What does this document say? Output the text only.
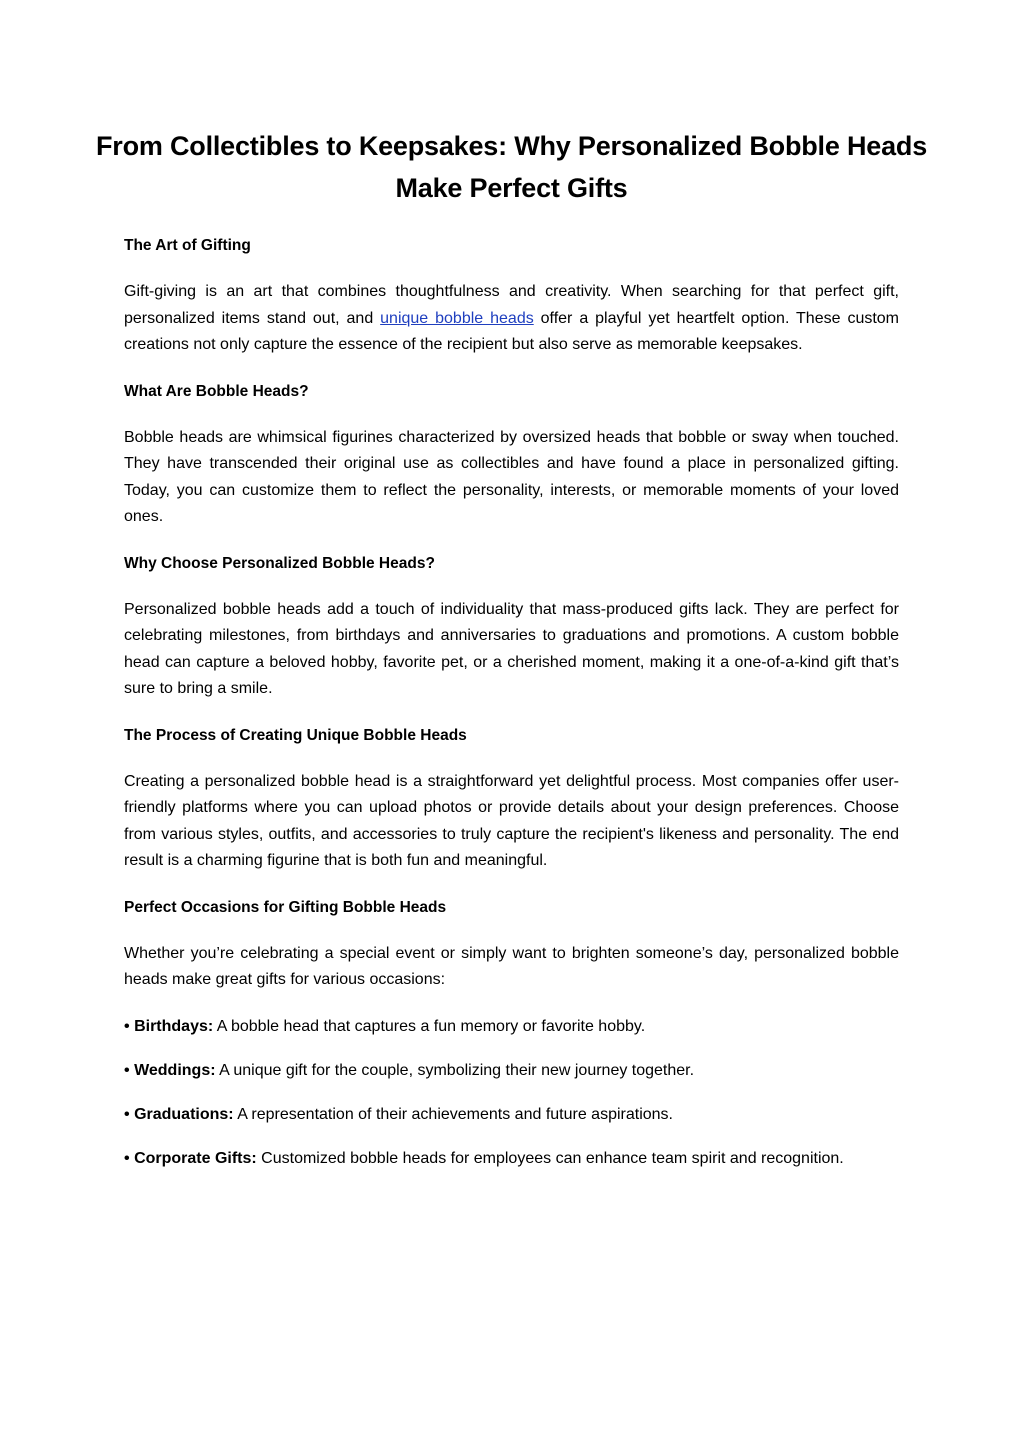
From Collectibles to Keepsakes: Why Personalized Bobble Heads Make Perfect Gifts
The Art of Gifting

Gift-giving is an art that combines thoughtfulness and creativity. When searching for that perfect gift, personalized items stand out, and unique bobble heads offer a playful yet heartfelt option. These custom creations not only capture the essence of the recipient but also serve as memorable keepsakes.

What Are Bobble Heads?

Bobble heads are whimsical figurines characterized by oversized heads that bobble or sway when touched. They have transcended their original use as collectibles and have found a place in personalized gifting. Today, you can customize them to reflect the personality, interests, or memorable moments of your loved ones.

Why Choose Personalized Bobble Heads?

Personalized bobble heads add a touch of individuality that mass-produced gifts lack. They are perfect for celebrating milestones, from birthdays and anniversaries to graduations and promotions. A custom bobble head can capture a beloved hobby, favorite pet, or a cherished moment, making it a one-of-a-kind gift that’s sure to bring a smile.

The Process of Creating Unique Bobble Heads

Creating a personalized bobble head is a straightforward yet delightful process. Most companies offer user-friendly platforms where you can upload photos or provide details about your design preferences. Choose from various styles, outfits, and accessories to truly capture the recipient's likeness and personality. The end result is a charming figurine that is both fun and meaningful.

Perfect Occasions for Gifting Bobble Heads

Whether you’re celebrating a special event or simply want to brighten someone’s day, personalized bobble heads make great gifts for various occasions:

• Birthdays: A bobble head that captures a fun memory or favorite hobby.
• Weddings: A unique gift for the couple, symbolizing their new journey together.
• Graduations: A representation of their achievements and future aspirations.
• Corporate Gifts: Customized bobble heads for employees can enhance team spirit and recognition.
